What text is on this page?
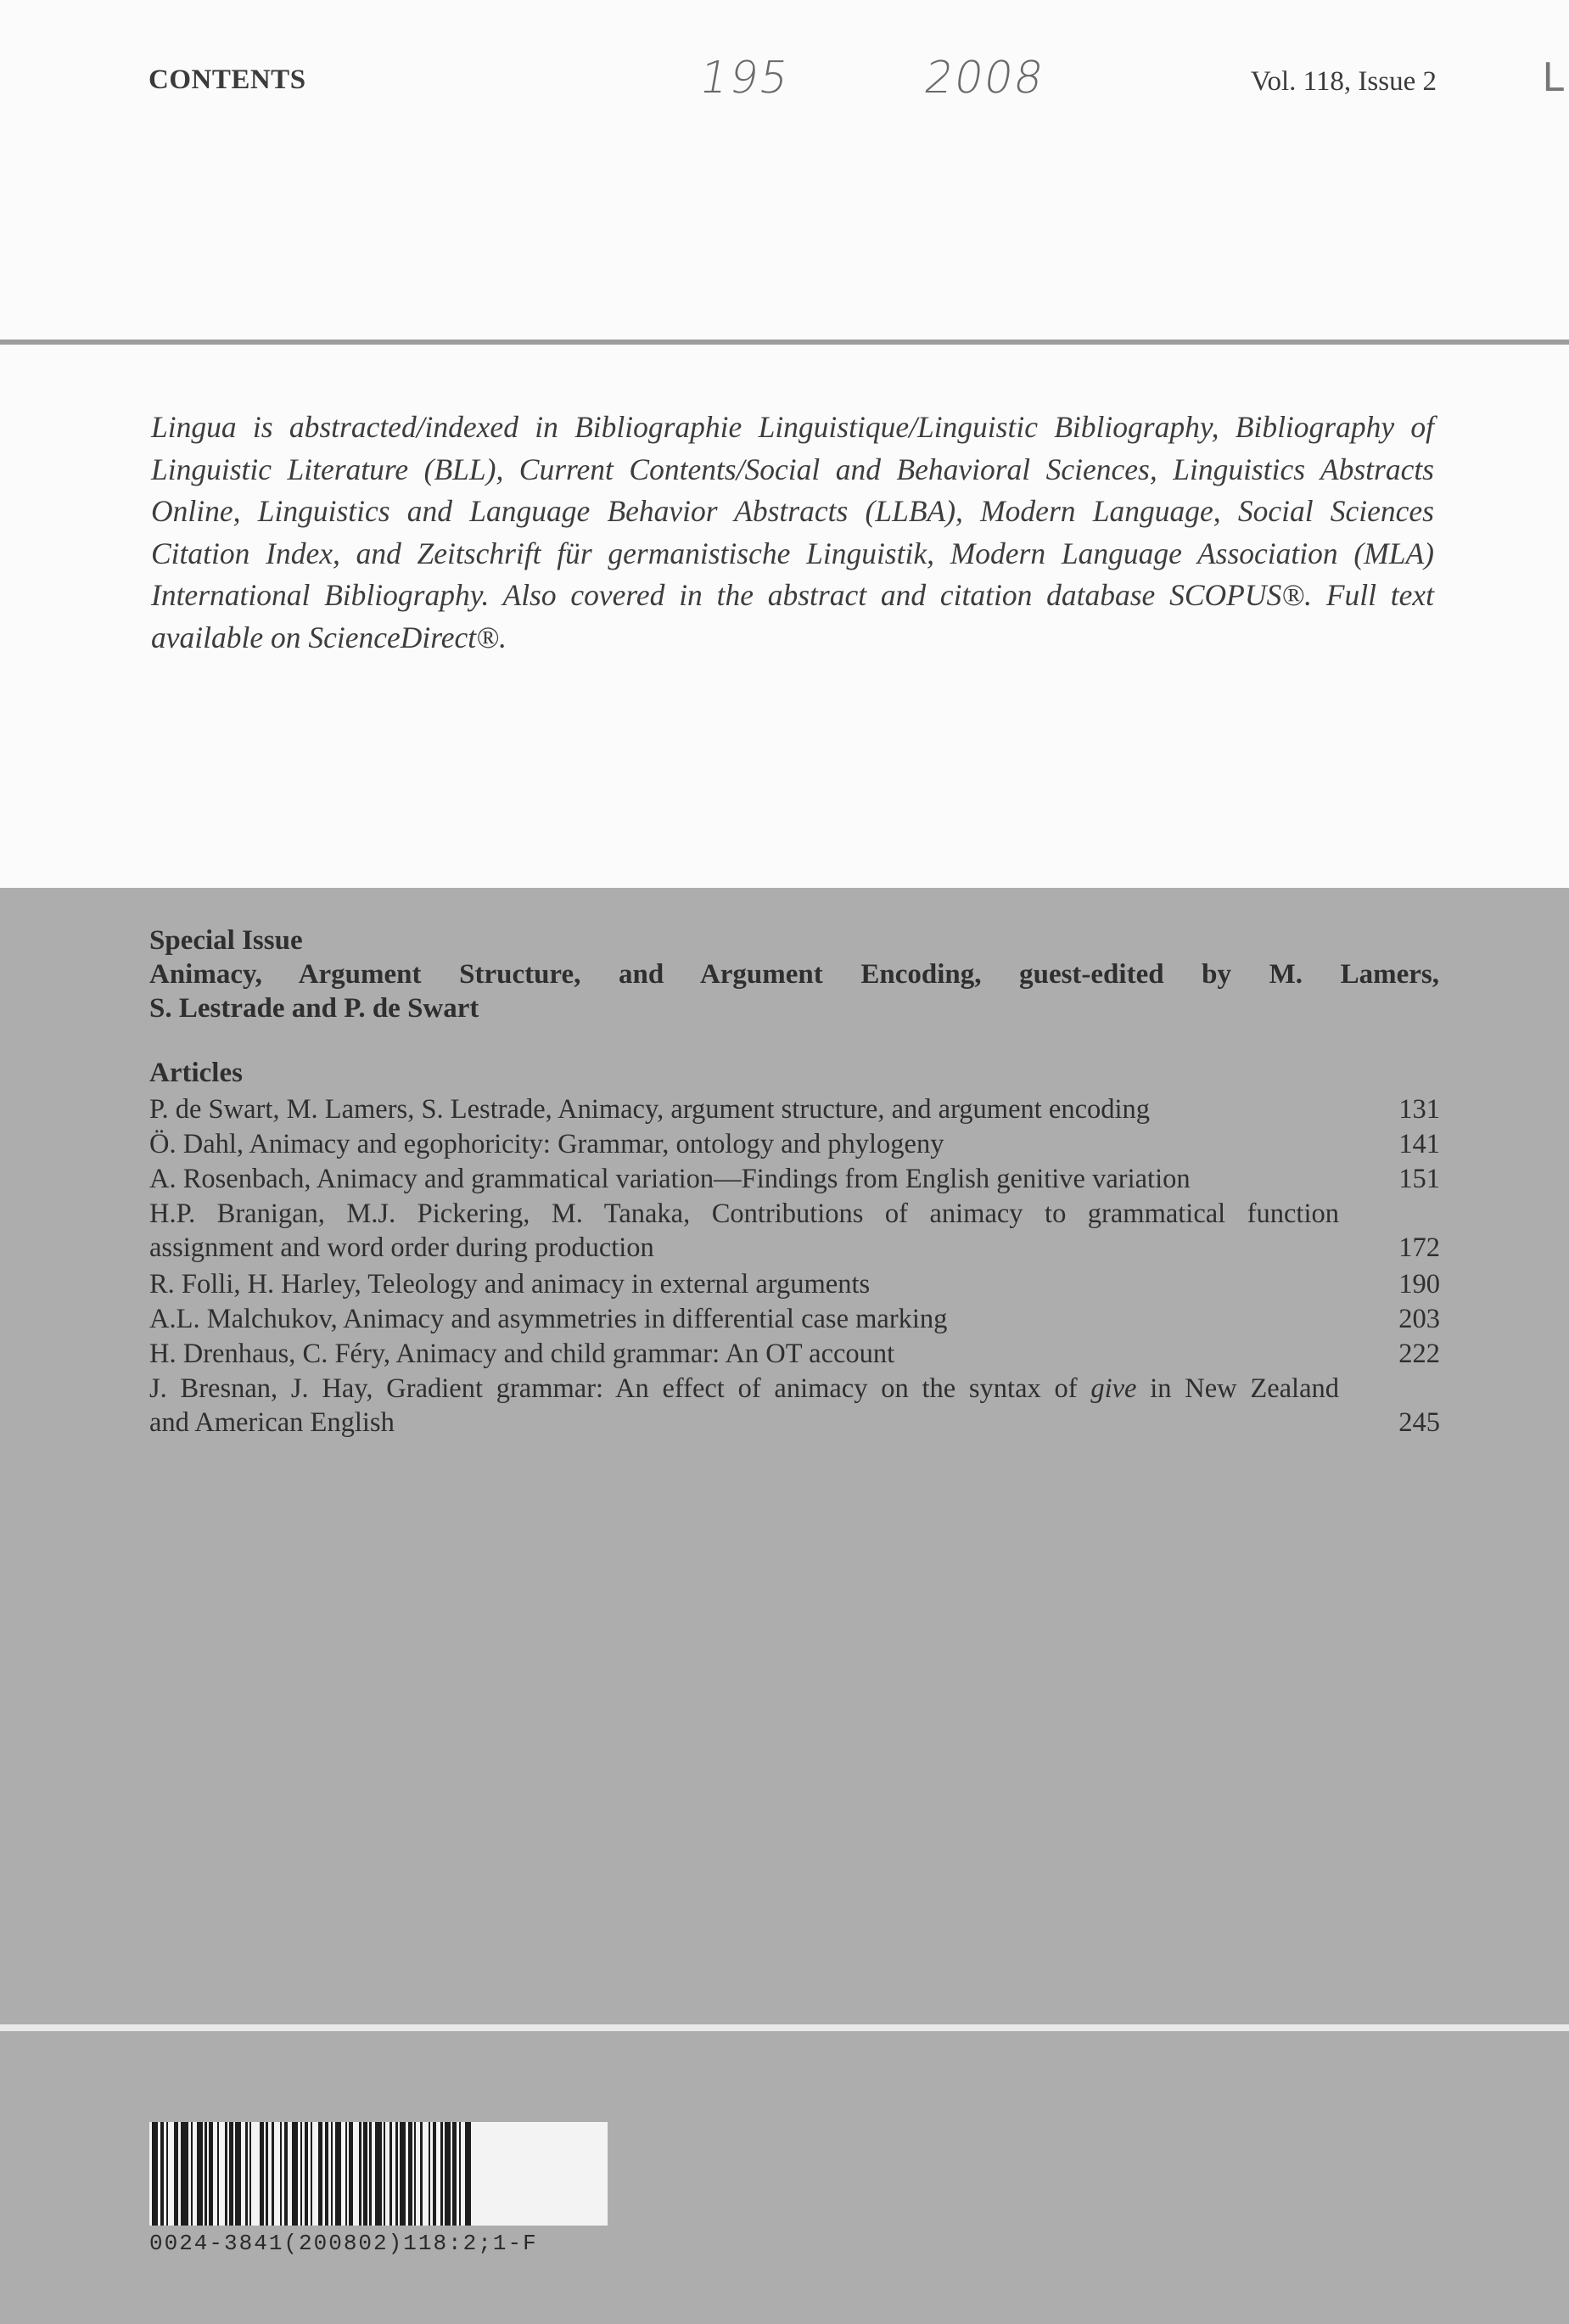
CONTENTS	195	2008	Vol. 118, Issue 2	L
Lingua is abstracted/indexed in Bibliographie Linguistique/Linguistic Bibliography, Bibliography of
Linguistic Literature (BLL), Current Contents/Social and Behavioral Sciences, Linguistics Abstracts
Online, Linguistics and Language Behavior Abstracts (LLBA), Modern Language, Social Sciences
Citation Index, and Zeitschrift für germanistische Linguistik, Modern Language Association (MLA)
International Bibliography. Also covered in the abstract and citation database SCOPUS®. Full text
available on ScienceDirect®.
Special Issue
Animacy, Argument Structure, and Argument Encoding, guest-edited by M. Lamers,
S. Lestrade and P. de Swart
Articles
P. de Swart, M. Lamers, S. Lestrade, Animacy, argument structure, and argument encoding	131
Ö. Dahl, Animacy and egophoricity: Grammar, ontology and phylogeny	141
A. Rosenbach, Animacy and grammatical variation—Findings from English genitive variation	151
H.P. Branigan, M.J. Pickering, M. Tanaka, Contributions of animacy to grammatical function
assignment and word order during production	172
R. Folli, H. Harley, Teleology and animacy in external arguments	190
A.L. Malchukov, Animacy and asymmetries in differential case marking	203
H. Drenhaus, C. Féry, Animacy and child grammar: An OT account	222
J. Bresnan, J. Hay, Gradient grammar: An effect of animacy on the syntax of give in New Zealand
and American English	245
0024-3841(200802)118:2;1-F
